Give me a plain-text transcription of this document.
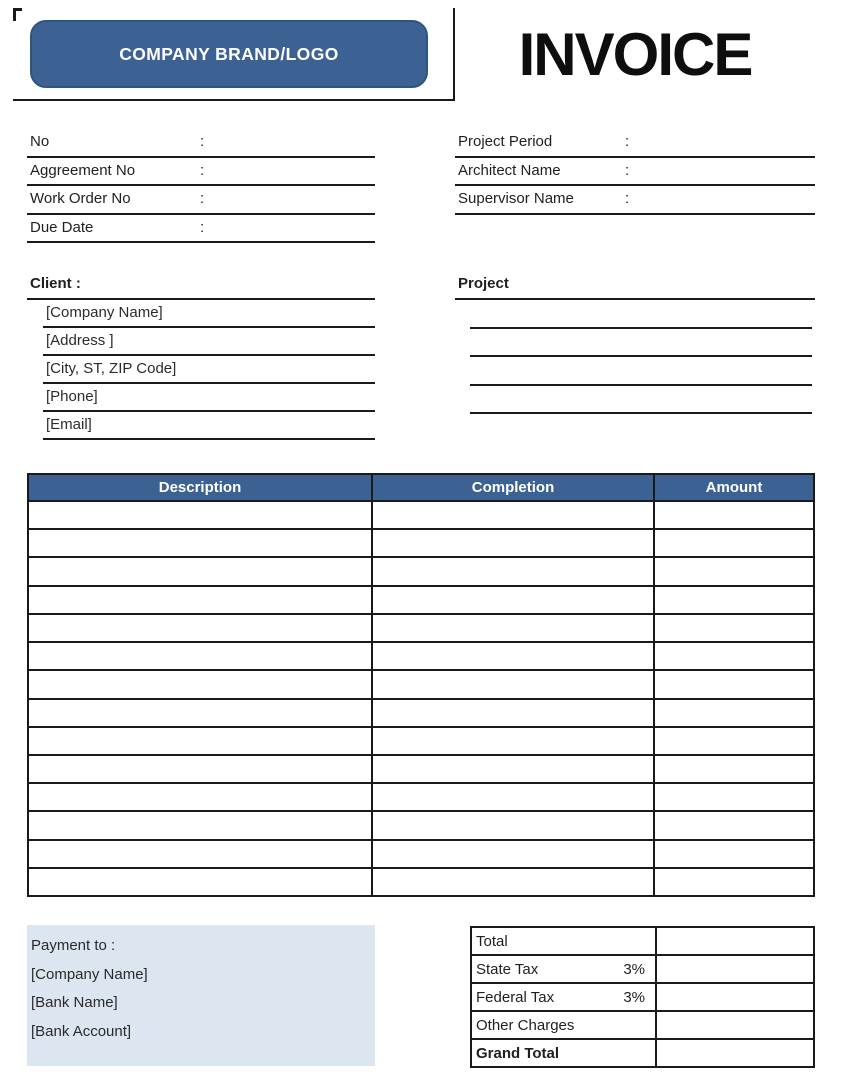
COMPANY BRAND/LOGO	INVOICE
No	:
Aggreement No	:
Work Order No	:
Due Date	:
Project Period	:
Architect Name	:
Supervisor Name	:
Client :
[Company Name]
[Address ]
[City, ST, ZIP Code]
[Phone]
[Email]
Project
Description	Completion	Amount
Payment to :
[Company Name]
[Bank Name]
[Bank Account]
Total
State Tax	3%
Federal Tax	3%
Other Charges
Grand Total
